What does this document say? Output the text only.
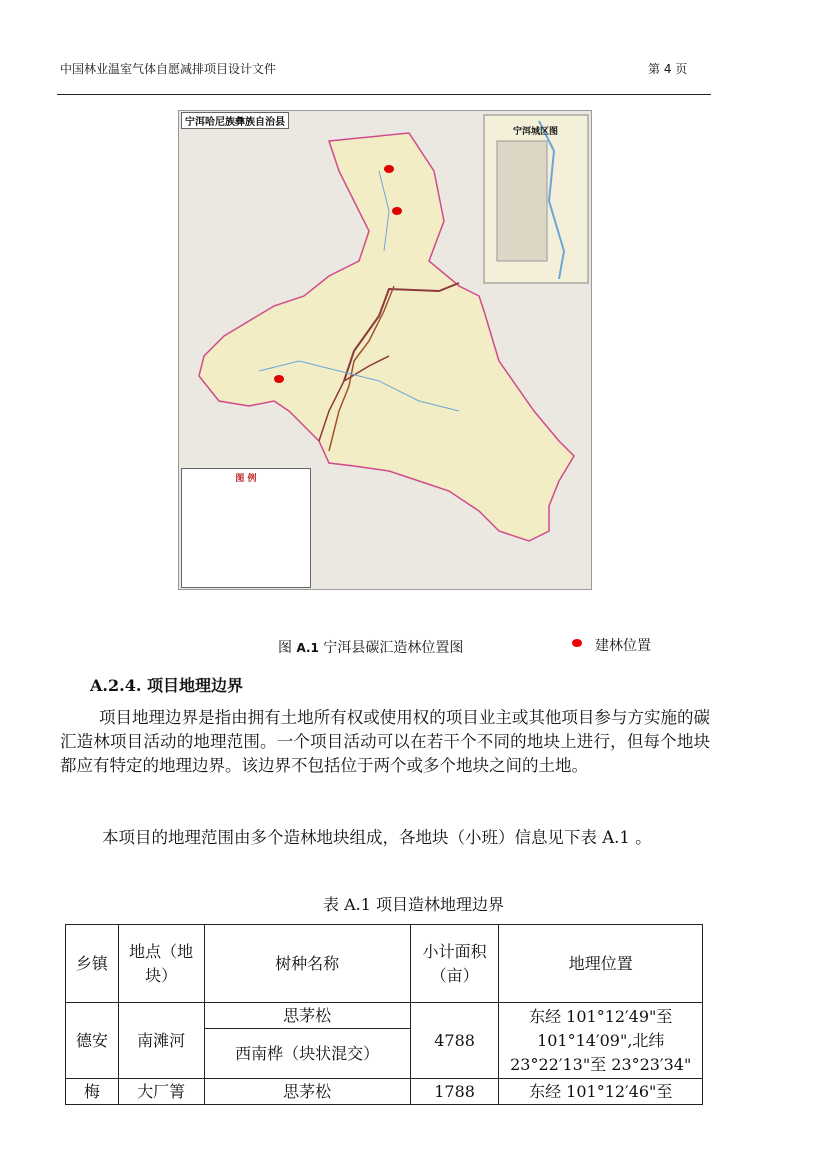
中国林业温室气体自愿减排项目设计文件	第 4 页
宁洱哈尼族彝族自治县
宁洱城区图
图 例
图 A.1 宁洱县碳汇造林位置图	建林位置
A.2.4. 项目地理边界
项目地理边界是指由拥有土地所有权或使用权的项目业主或其他项目参与方实施的碳汇造林项目活动的地理范围。一个项目活动可以在若干个不同的地块上进行，但每个地块都应有特定的地理边界。该边界不包括位于两个或多个地块之间的土地。
本项目的地理范围由多个造林地块组成，各地块（小班）信息见下表 A.1 。
表 A.1 项目造林地理边界
乡镇	地点（地块）	树种名称	小计面积（亩）	地理位置
德安	南滩河	思茅松	4788	东经 101°12′49"至 101°14′09",北纬 23°22′13"至 23°23′34"
		西南桦（块状混交）		
梅	大厂箐	思茅松	1788	东经 101°12′46"至
